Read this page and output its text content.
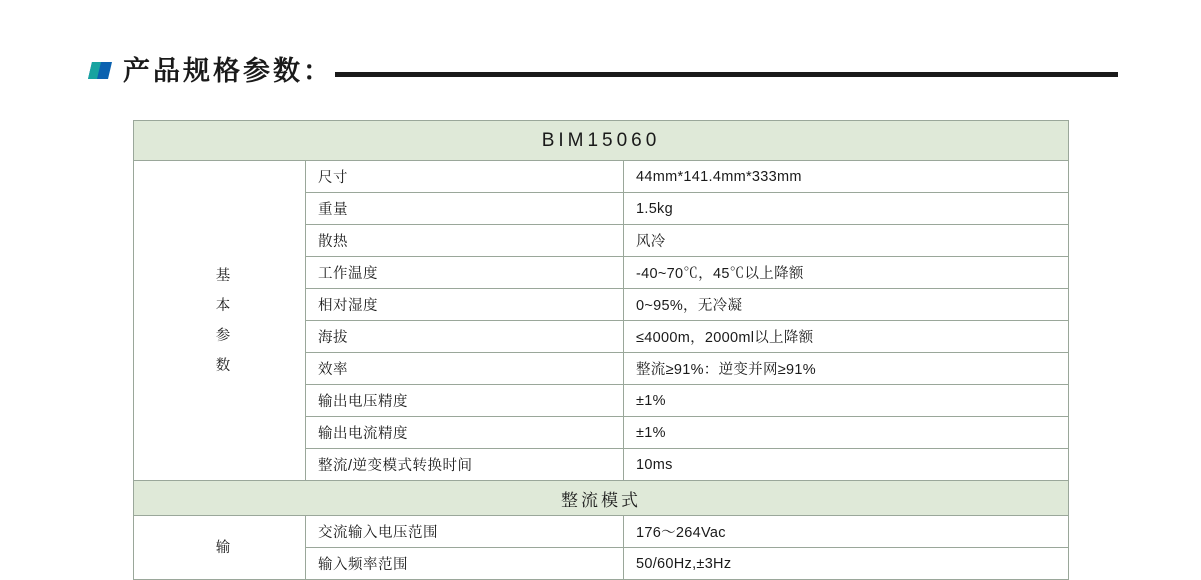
产品规格参数：
BIM15060		

基
本
参
数	尺寸	44mm*141.4mm*333mm
	重量	1.5kg
	散热	风冷
	工作温度	-40~70℃，45℃以上降额
	相对湿度	0~95%，无冷凝
	海拔	≤4000m，2000ml以上降额
	效率	整流≥91%：逆变并网≥91%
	输出电压精度	±1%
	输出电流精度	±1%
	整流/逆变模式转换时间	10ms
整流模式		

输	交流输入电压范围	176～264Vac
	输入频率范围	50/60Hz,±3Hz
